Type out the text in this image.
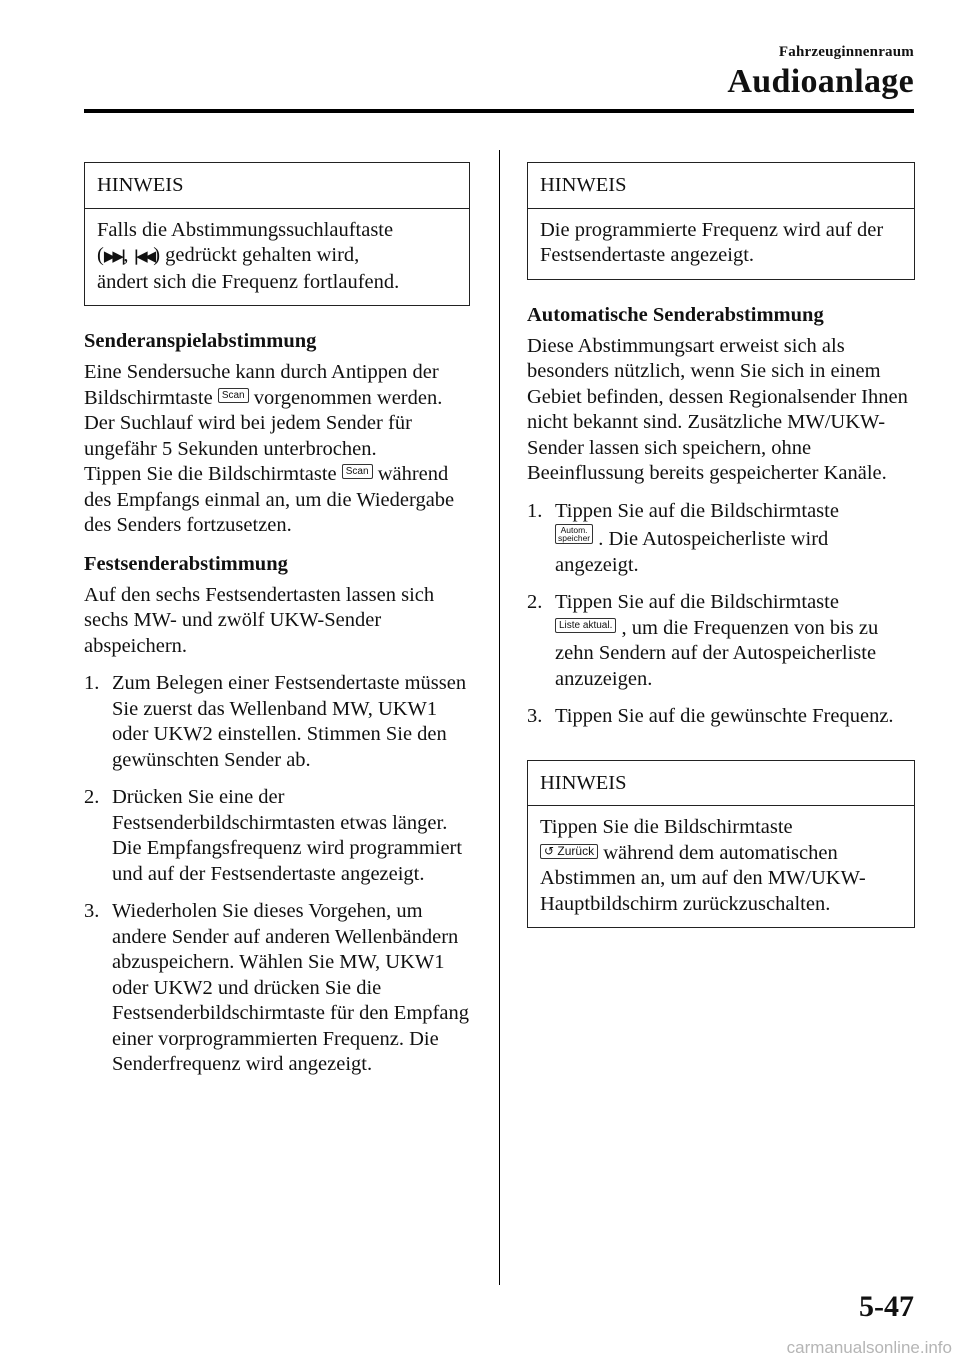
Fahrzeuginnenraum
Audioanlage
HINWEIS
Falls die Abstimmungssuchlauftaste
(▶▶|, |◀◀) gedrückt gehalten wird,
ändert sich die Frequenz fortlaufend.
Senderanspielabstimmung

Eine Sendersuche kann durch Antippen der Bildschirmtaste Scan vorgenommen werden.
Der Suchlauf wird bei jedem Sender für ungefähr 5 Sekunden unterbrochen.
Tippen Sie die Bildschirmtaste Scan während des Empfangs einmal an, um die Wiedergabe des Senders fortzusetzen.

Festsenderabstimmung

Auf den sechs Festsendertasten lassen sich sechs MW- und zwölf UKW-Sender abspeichern.

1. Zum Belegen einer Festsendertaste müssen Sie zuerst das Wellenband MW, UKW1 oder UKW2 einstellen. Stimmen Sie den gewünschten Sender ab.
2. Drücken Sie eine der Festsenderbildschirmtasten etwas länger. Die Empfangsfrequenz wird programmiert und auf der Festsendertaste angezeigt.
3. Wiederholen Sie dieses Vorgehen, um andere Sender auf anderen Wellenbändern abzuspeichern. Wählen Sie MW, UKW1 oder UKW2 und drücken Sie die Festsenderbildschirmtaste für den Empfang einer vorprogrammierten Frequenz. Die Senderfrequenz wird angezeigt.
HINWEIS
Die programmierte Frequenz wird auf der Festsendertaste angezeigt.
Automatische Senderabstimmung

Diese Abstimmungsart erweist sich als besonders nützlich, wenn Sie sich in einem Gebiet befinden, dessen Regionalsender Ihnen nicht bekannt sind. Zusätzliche MW/UKW-Sender lassen sich speichern, ohne Beeinflussung bereits gespeicherter Kanäle.

1. Tippen Sie auf die Bildschirmtaste
Autom.
speicher . Die Autospeicherliste wird angezeigt.
2. Tippen Sie auf die Bildschirmtaste
Liste aktual. , um die Frequenzen von bis zu zehn Sendern auf der Autospeicherliste anzuzeigen.
3. Tippen Sie auf die gewünschte Frequenz.
HINWEIS
Tippen Sie die Bildschirmtaste
↺ Zurück während dem automatischen Abstimmen an, um auf den MW/UKW-Hauptbildschirm zurückzuschalten.
5-47
carmanualsonline.info
